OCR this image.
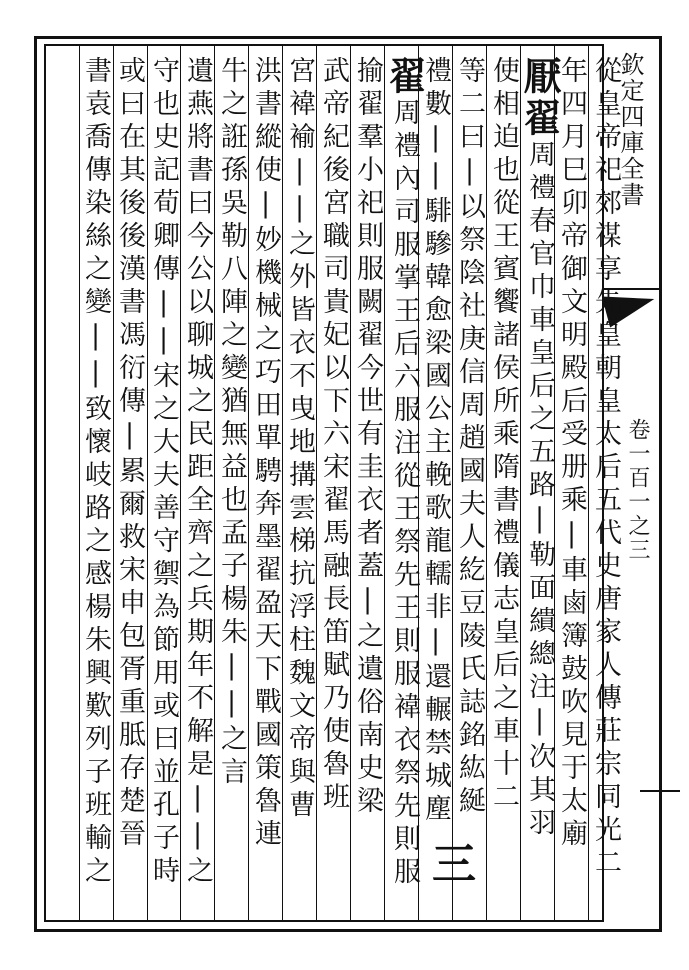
欽定四庫全書
卷一百一之三
從皇帝祀郊禖享先皇朝皇太后五代史唐家人傳莊宗同光二
年四月巳卯帝御文明殿后受册乘|車鹵簿鼓吹見于太廟
厭翟周禮春官巾車皇后之五路|勒面繢總注|次其羽
使相迫也從王賓饗諸侯所乘隋書禮儀志皇后之車十二
等二曰|以祭陰社庚信周趙國夫人紇豆陵氏誌銘紘綖
禮數||騑驂韓愈梁國公主輓歌龍轜非|還輾禁城塵
翟周禮內司服掌王后六服注從王祭先王則服褘衣祭先則服
揄翟羣小祀則服闕翟今世有圭衣者蓋|之遺俗南史梁
武帝紀後宮職司貴妃以下六宋翟馬融長笛賦乃使魯班
宮褘褕||之外皆衣不曳地搆雲梯抗浮柱魏文帝與曹
洪書縱使|妙機械之巧田單騁奔墨翟盈天下戰國策魯連
牛之誑孫吳勒八陣之變猶無益也孟子楊朱||之言
遺燕將書曰今公以聊城之民距全齊之兵期年不解是||之
守也史記荀卿傳||宋之大夫善守禦為節用或曰並孔子時
或曰在其後後漢書馮衍傳|累爾救宋申包胥重胝存楚晉
書袁喬傳染絲之變||致懷岐路之感楊朱興歎列子班輸之	三
